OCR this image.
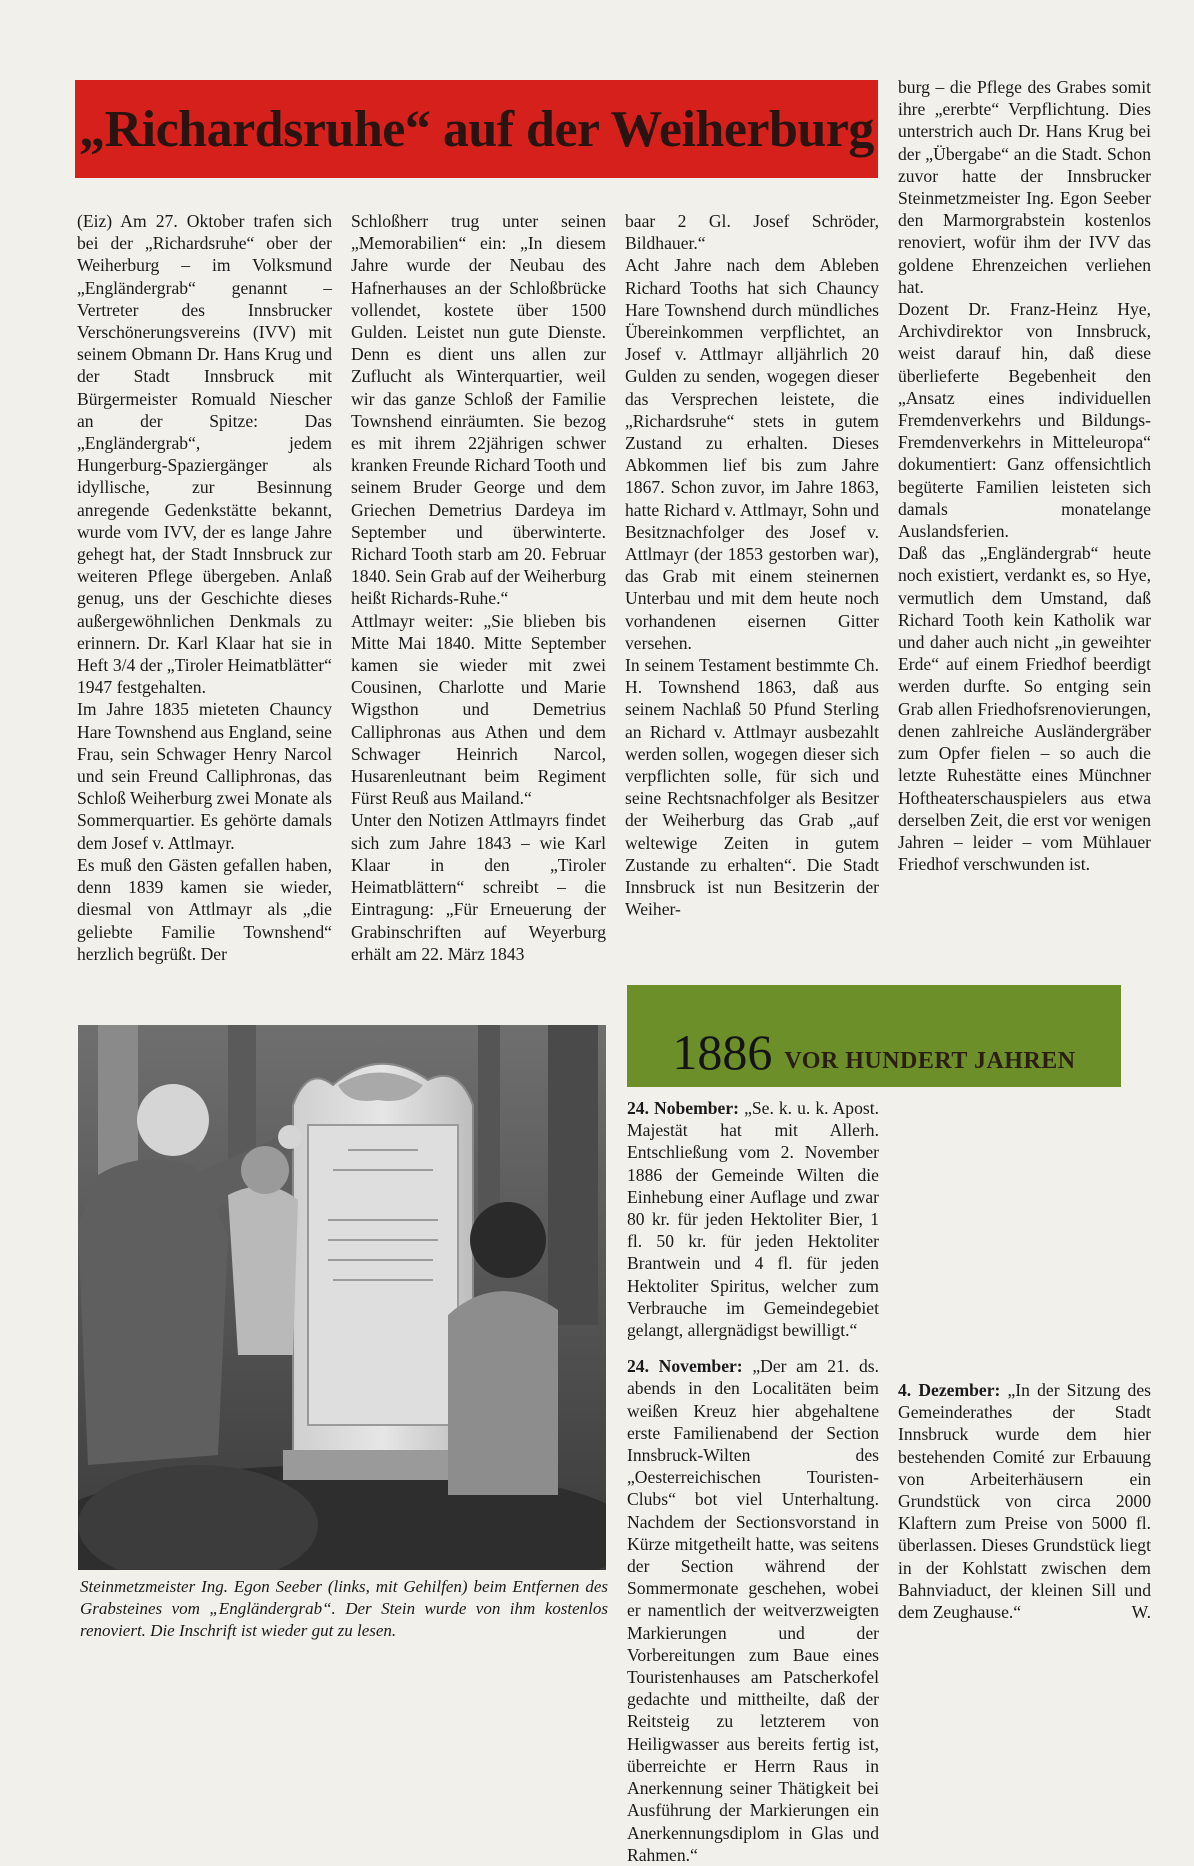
„Richardsruhe“ auf der Weiherburg

(Eiz) Am 27. Oktober trafen sich bei der „Richardsruhe“ ober der Weiherburg – im Volksmund „Engländergrab“ genannt – Vertreter des Innsbrucker Verschönerungsvereins (IVV) mit seinem Obmann Dr. Hans Krug und der Stadt Innsbruck mit Bürgermeister Romuald Niescher an der Spitze: Das „Engländergrab“, jedem Hungerburg-Spaziergänger als idyllische, zur Besinnung anregende Gedenkstätte bekannt, wurde vom IVV, der es lange Jahre gehegt hat, der Stadt Innsbruck zur weiteren Pflege übergeben. Anlaß genug, uns der Geschichte dieses außergewöhnlichen Denkmals zu erinnern. Dr. Karl Klaar hat sie in Heft 3/4 der „Tiroler Heimatblätter“ 1947 festgehalten.

Im Jahre 1835 mieteten Chauncy Hare Townshend aus England, seine Frau, sein Schwager Henry Narcol und sein Freund Calliphronas, das Schloß Weiherburg zwei Monate als Sommerquartier. Es gehörte damals dem Josef v. Attlmayr.

Es muß den Gästen gefallen haben, denn 1839 kamen sie wieder, diesmal von Attlmayr als „die geliebte Familie Townshend“ herzlich begrüßt. Der

Schloßherr trug unter seinen „Memorabilien“ ein: „In diesem Jahre wurde der Neubau des Hafnerhauses an der Schloßbrücke vollendet, kostete über 1500 Gulden. Leistet nun gute Dienste. Denn es dient uns allen zur Zuflucht als Winterquartier, weil wir das ganze Schloß der Familie Townshend einräumten. Sie bezog es mit ihrem 22jährigen schwer kranken Freunde Richard Tooth und seinem Bruder George und dem Griechen Demetrius Dardeya im September und überwinterte. Richard Tooth starb am 20. Februar 1840. Sein Grab auf der Weiherburg heißt Richards-Ruhe.“

Attlmayr weiter: „Sie blieben bis Mitte Mai 1840. Mitte September kamen sie wieder mit zwei Cousinen, Charlotte und Marie Wigsthon und Demetrius Calliphronas aus Athen und dem Schwager Heinrich Narcol, Husarenleutnant beim Regiment Fürst Reuß aus Mailand.“

Unter den Notizen Attlmayrs findet sich zum Jahre 1843 – wie Karl Klaar in den „Tiroler Heimatblättern“ schreibt – die Eintragung: „Für Erneuerung der Grabinschriften auf Weyerburg erhält am 22. März 1843

baar 2 Gl. Josef Schröder, Bildhauer.“

Acht Jahre nach dem Ableben Richard Tooths hat sich Chauncy Hare Townshend durch mündliches Übereinkommen verpflichtet, an Josef v. Attlmayr alljährlich 20 Gulden zu senden, wogegen dieser das Versprechen leistete, die „Richardsruhe“ stets in gutem Zustand zu erhalten. Dieses Abkommen lief bis zum Jahre 1867. Schon zuvor, im Jahre 1863, hatte Richard v. Attlmayr, Sohn und Besitznachfolger des Josef v. Attlmayr (der 1853 gestorben war), das Grab mit einem steinernen Unterbau und mit dem heute noch vorhandenen eisernen Gitter versehen.

In seinem Testament bestimmte Ch. H. Townshend 1863, daß aus seinem Nachlaß 50 Pfund Sterling an Richard v. Attlmayr ausbezahlt werden sollen, wogegen dieser sich verpflichten solle, für sich und seine Rechtsnachfolger als Besitzer der Weiherburg das Grab „auf weltewige Zeiten in gutem Zustande zu erhalten“. Die Stadt Innsbruck ist nun Besitzerin der Weiher-

burg – die Pflege des Grabes somit ihre „ererbte“ Verpflichtung. Dies unterstrich auch Dr. Hans Krug bei der „Übergabe“ an die Stadt. Schon zuvor hatte der Innsbrucker Steinmetzmeister Ing. Egon Seeber den Marmorgrabstein kostenlos renoviert, wofür ihm der IVV das goldene Ehrenzeichen verliehen hat.

Dozent Dr. Franz-Heinz Hye, Archivdirektor von Innsbruck, weist darauf hin, daß diese überlieferte Begebenheit den „Ansatz eines individuellen Fremdenverkehrs und Bildungs-Fremdenverkehrs in Mitteleuropa“ dokumentiert: Ganz offensichtlich begüterte Familien leisteten sich damals monatelange Auslandsferien.

Daß das „Engländergrab“ heute noch existiert, verdankt es, so Hye, vermutlich dem Umstand, daß Richard Tooth kein Katholik war und daher auch nicht „in geweihter Erde“ auf einem Friedhof beerdigt werden durfte. So entging sein Grab allen Friedhofsrenovierungen, denen zahlreiche Ausländergräber zum Opfer fielen – so auch die letzte Ruhestätte eines Münchner Hoftheaterschauspielers aus etwa derselben Zeit, die erst vor wenigen Jahren – leider – vom Mühlauer Friedhof verschwunden ist.

Steinmetzmeister Ing. Egon Seeber (links, mit Gehilfen) beim Entfernen des Grabsteines vom „Engländergrab“. Der Stein wurde von ihm kostenlos renoviert. Die Inschrift ist wieder gut zu lesen.
1886 VOR HUNDERT JAHREN

24. Nobember: „Se. k. u. k. Apost. Majestät hat mit Allerh. Entschließung vom 2. November 1886 der Gemeinde Wilten die Einhebung einer Auflage und zwar 80 kr. für jeden Hektoliter Bier, 1 fl. 50 kr. für jeden Hektoliter Brantwein und 4 fl. für jeden Hektoliter Spiritus, welcher zum Verbrauche im Gemeindegebiet gelangt, allergnädigst bewilligt.“

24. November: „Der am 21. ds. abends in den Localitäten beim weißen Kreuz hier abgehaltene erste Familienabend der Section Innsbruck-Wilten des „Oesterreichischen Touristen-Clubs“ bot viel Unterhaltung. Nachdem der Sectionsvorstand in Kürze mitgetheilt hatte, was seitens der Section während der Sommermonate geschehen, wobei er namentlich der weitverzweigten Markierungen und der Vorbereitungen zum Baue eines Touristenhauses am Patscherkofel gedachte und mittheilte, daß der Reitsteig zu letzterem von Heiligwasser aus bereits fertig ist, überreichte er Herrn Raus in Anerkennung seiner Thätigkeit bei Ausführung der Markierungen ein Anerkennungsdiplom in Glas und Rahmen.“

4. Dezember: „In der Sitzung des Gemeinderathes der Stadt Innsbruck wurde dem hier bestehenden Comité zur Erbauung von Arbeiterhäusern ein Grundstück von circa 2000 Klaftern zum Preise von 5000 fl. überlassen. Dieses Grundstück liegt in der Kohlstatt zwischen dem Bahnviaduct, der kleinen Sill und dem Zeughause.“	W.
